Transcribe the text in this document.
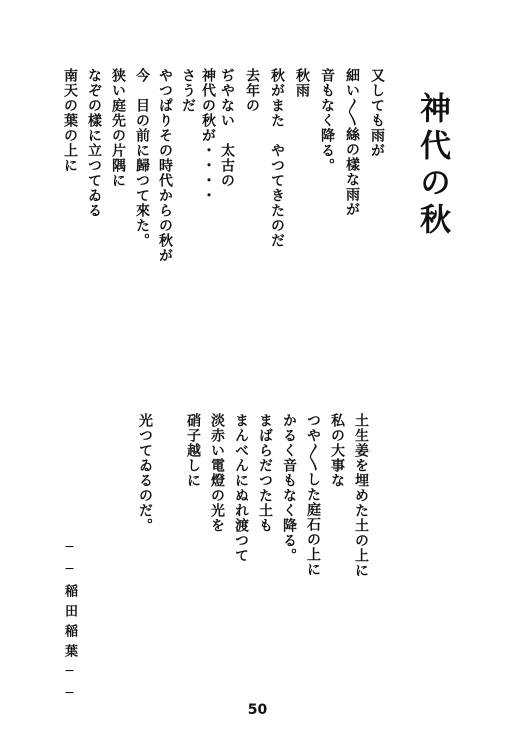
神代の秋
又しても雨が
細い〳〵絲の樣な雨が
音もなく降る。
秋雨
秋がまた　やつてきたのだ
去年の
ぢやない　太古の
神代の秋が・・・・
さうだ
やつぱりその時代からの秋が
今　目の前に歸つて來た。
狭い庭先の片隅に
なぞの樣に立つてゐる
南天の葉の上に
土生姜を埋めた土の上に
私の大事な
つや〳〵した庭石の上に
かるく音もなく降る。
まばらだつた土も
まんべんにぬれ渡つて
淡赤い電燈の光を
硝子越しに
光つてゐるのだ。
──稲田稲葉──
50
